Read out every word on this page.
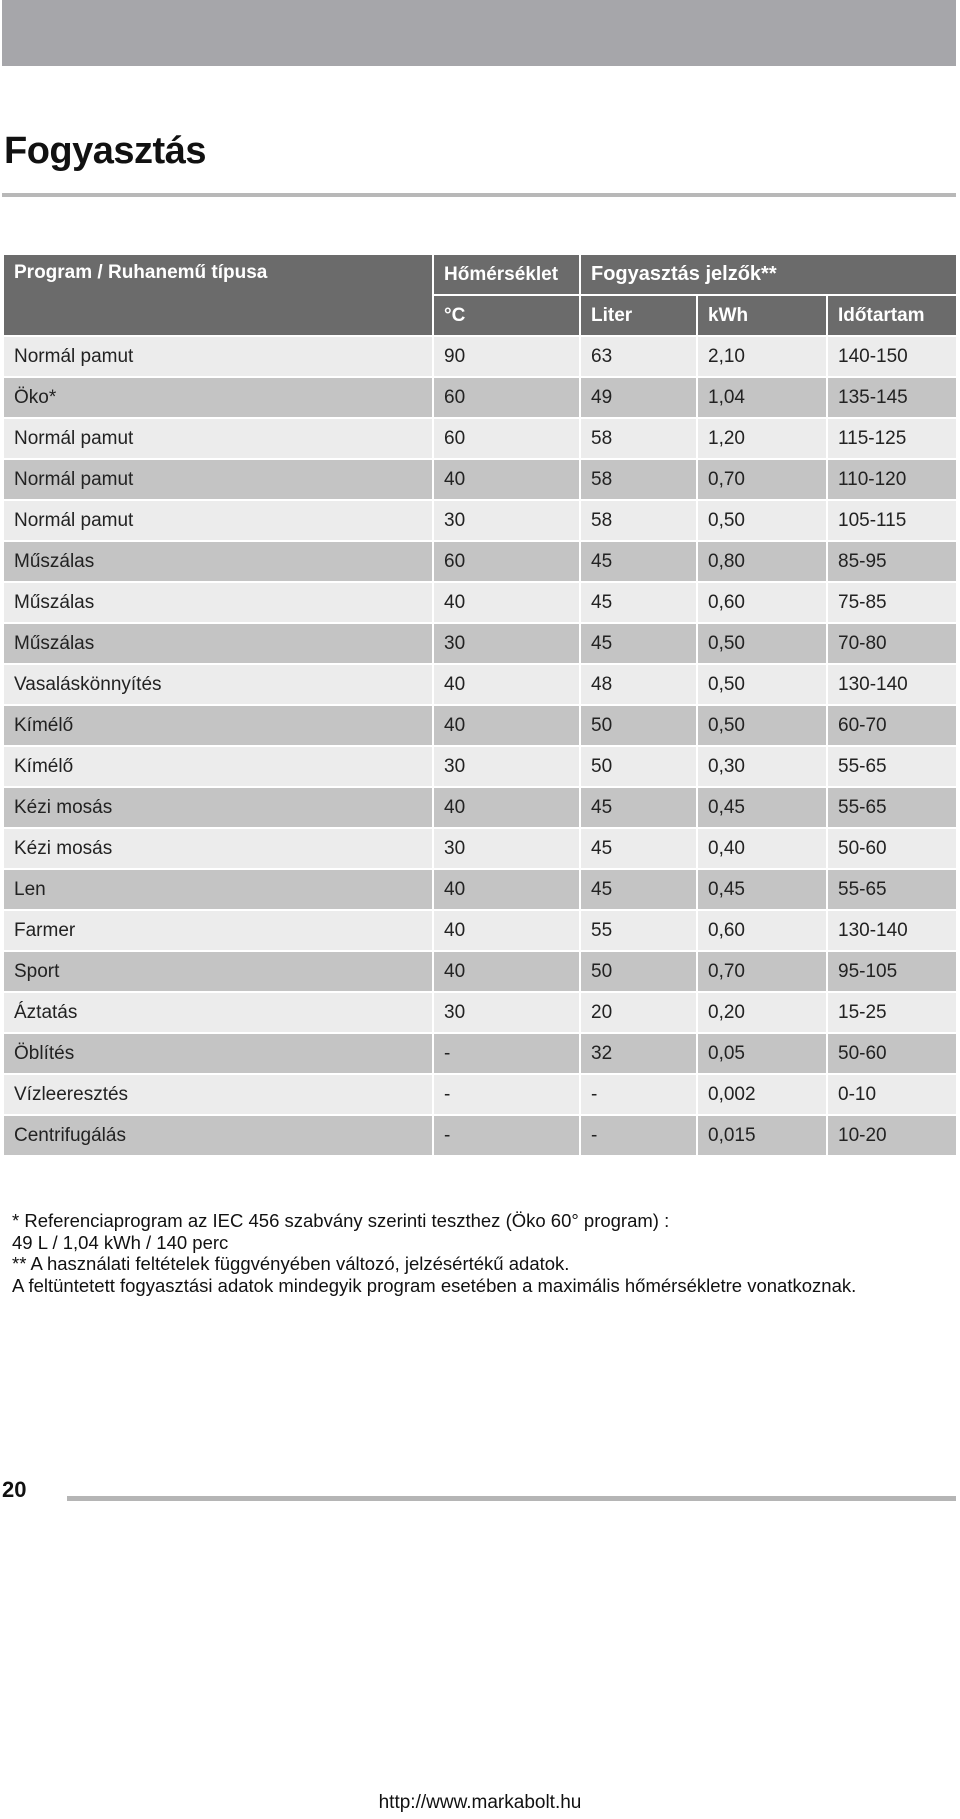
Fogyasztás
Program / Ruhanemű típusa	Hőmérséklet	Fogyasztás jelzők**		
	°C	Liter	kWh	Időtartam
Normál pamut	90	63	2,10	140-150
Öko*	60	49	1,04	135-145
Normál pamut	60	58	1,20	115-125
Normál pamut	40	58	0,70	110-120
Normál pamut	30	58	0,50	105-115
Műszálas	60	45	0,80	85-95
Műszálas	40	45	0,60	75-85
Műszálas	30	45	0,50	70-80
Vasaláskönnyítés	40	48	0,50	130-140
Kímélő	40	50	0,50	60-70
Kímélő	30	50	0,30	55-65
Kézi mosás	40	45	0,45	55-65
Kézi mosás	30	45	0,40	50-60
Len	40	45	0,45	55-65
Farmer	40	55	0,60	130-140
Sport	40	50	0,70	95-105
Áztatás	30	20	0,20	15-25
Öblítés	-	32	0,05	50-60
Vízleeresztés	-	-	0,002	0-10
Centrifugálás	-	-	0,015	10-20
* Referenciaprogram az IEC 456 szabvány szerinti teszthez (Öko 60° program) :
49 L / 1,04 kWh / 140 perc
** A használati feltételek függvényében változó, jelzésértékű adatok.
A feltüntetett fogyasztási adatok mindegyik program esetében a maximális hőmérsékletre vonatkoznak.
20
http://www.markabolt.hu
